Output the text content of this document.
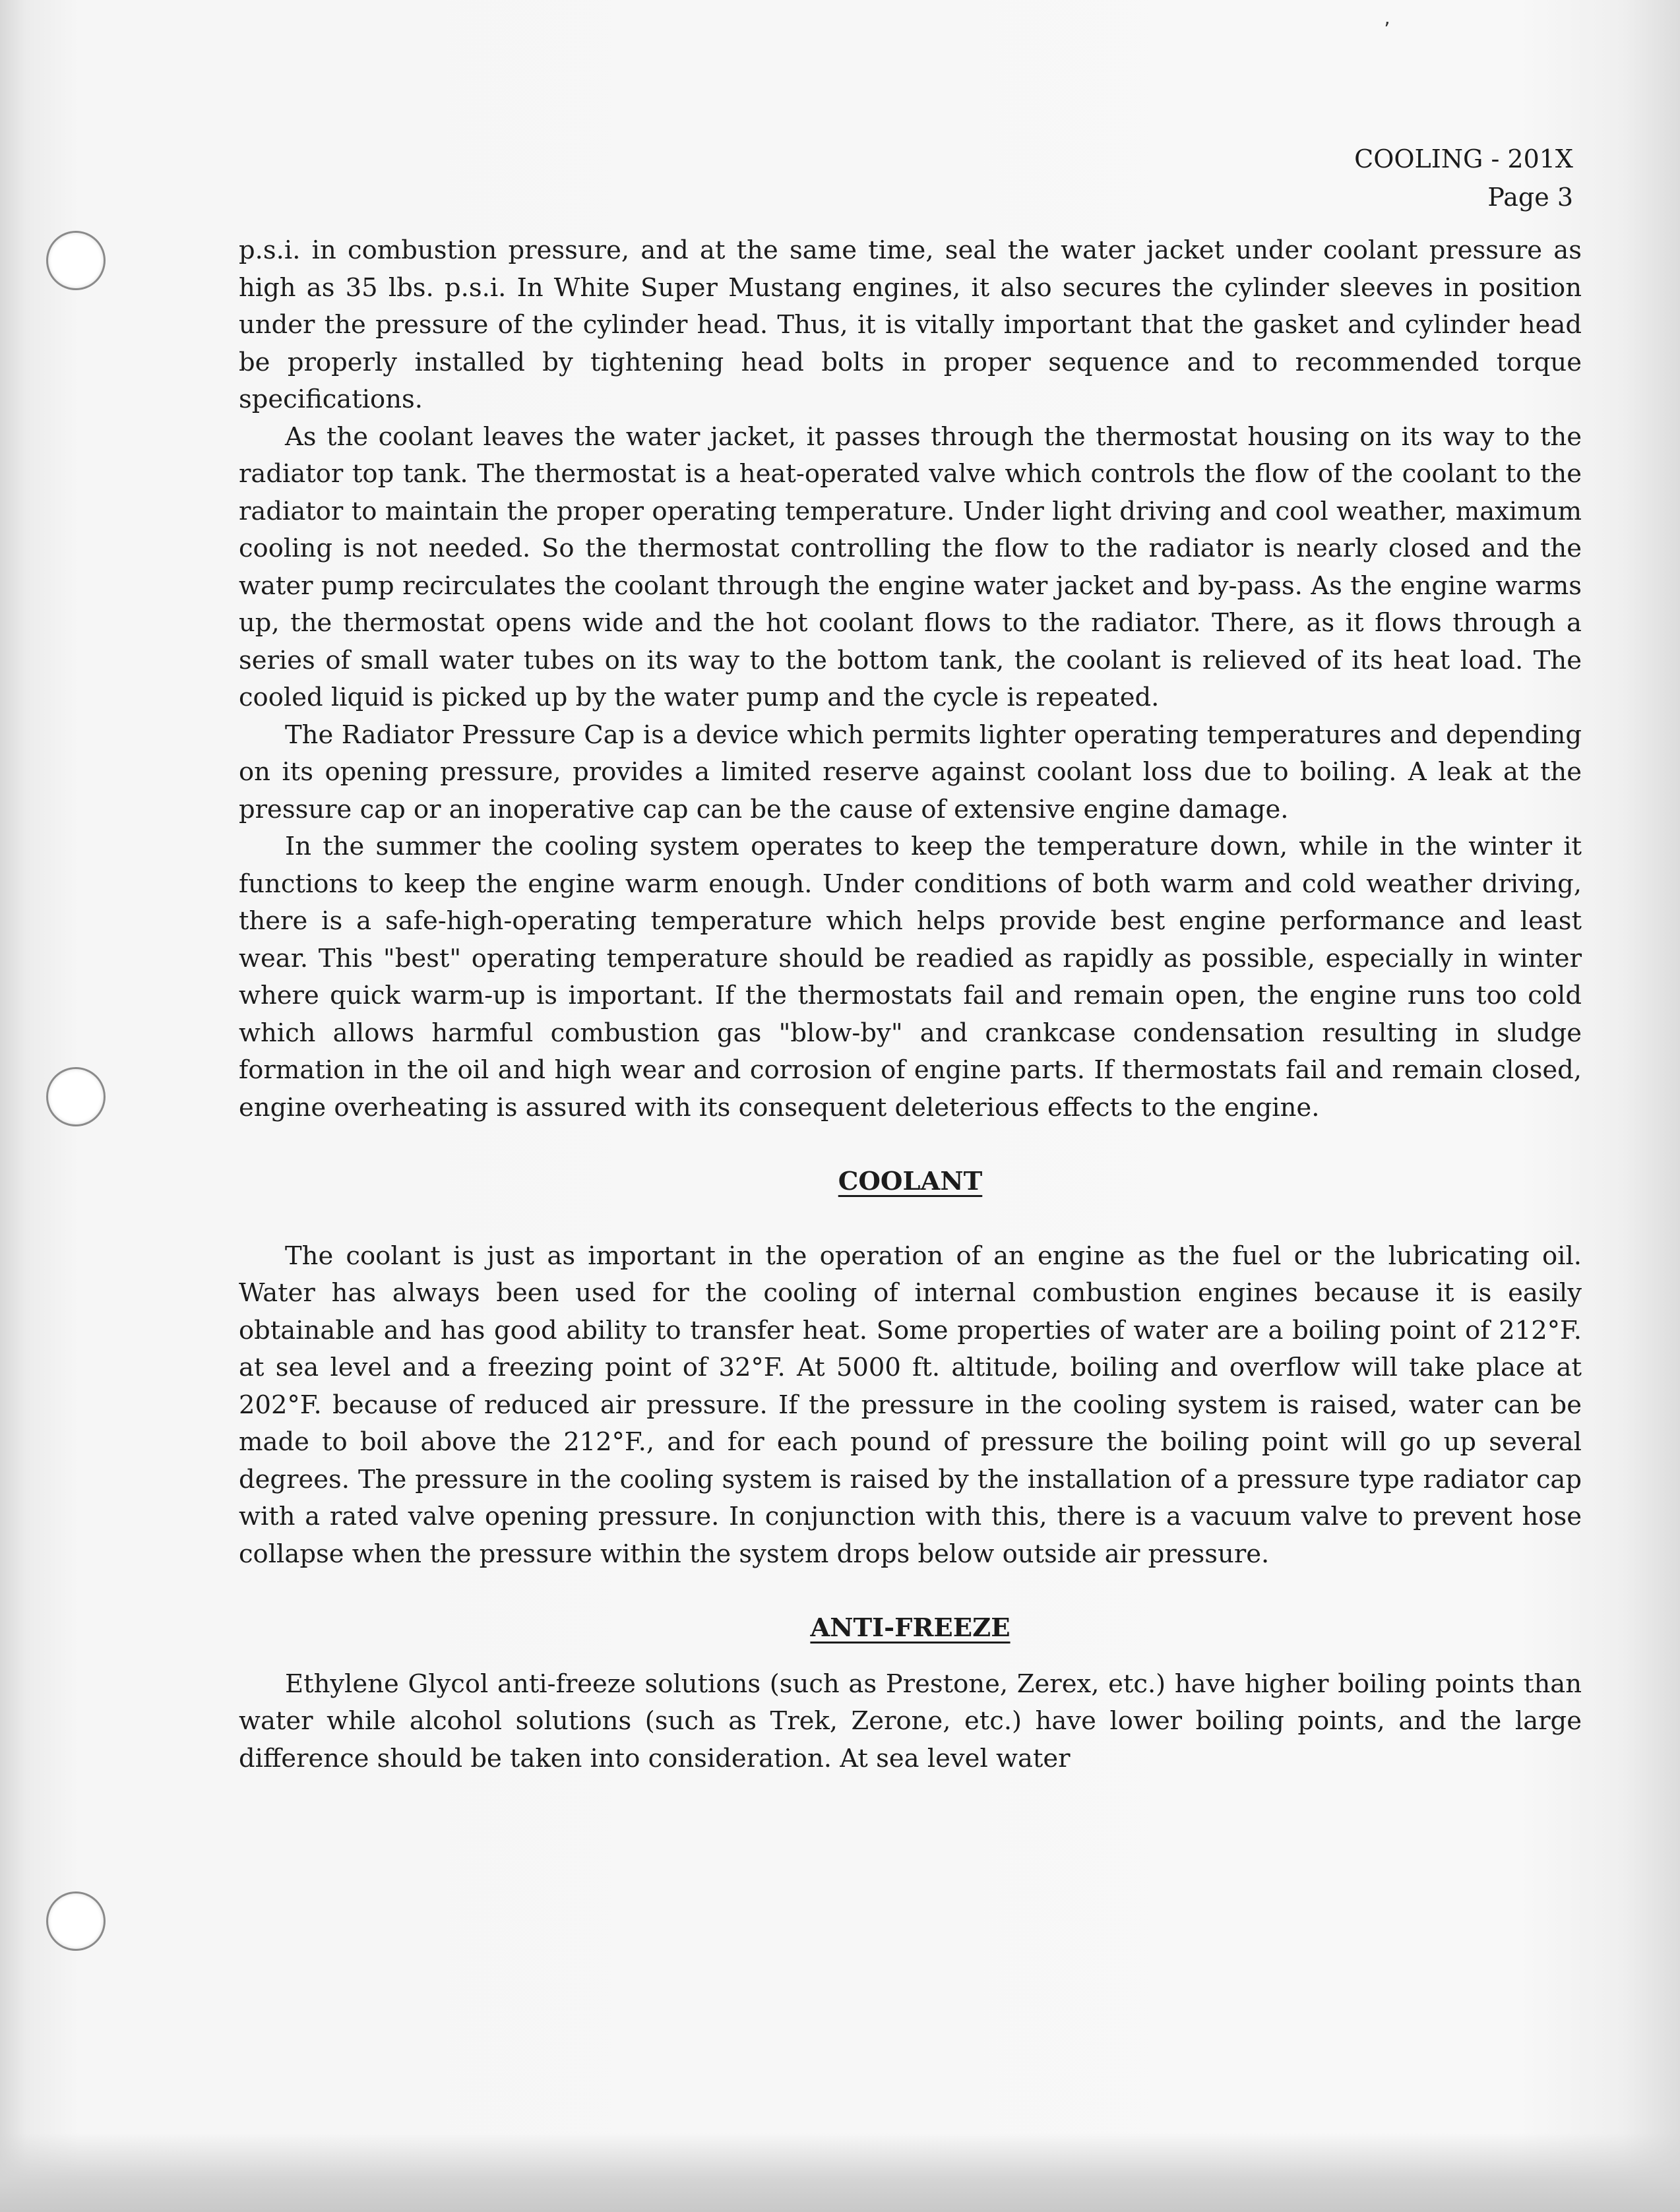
’
COOLING - 201X
Page 3

p.s.i. in combustion pressure, and at the same time, seal the water jacket under coolant pressure as high as 35 lbs. p.s.i. In White Super Mustang engines, it also secures the cylinder sleeves in position under the pressure of the cylinder head. Thus, it is vitally important that the gasket and cylinder head be properly installed by tightening head bolts in proper sequence and to recommended torque specifications.

As the coolant leaves the water jacket, it passes through the thermostat housing on its way to the radiator top tank. The thermostat is a heat-operated valve which controls the flow of the coolant to the radiator to maintain the proper operating temperature. Under light driving and cool weather, maximum cooling is not needed. So the thermostat controlling the flow to the radiator is nearly closed and the water pump recirculates the coolant through the engine water jacket and by-pass. As the engine warms up, the thermostat opens wide and the hot coolant flows to the radiator. There, as it flows through a series of small water tubes on its way to the bottom tank, the coolant is relieved of its heat load. The cooled liquid is picked up by the water pump and the cycle is repeated.

The Radiator Pressure Cap is a device which permits lighter operating temperatures and depending on its opening pressure, provides a limited reserve against coolant loss due to boiling. A leak at the pressure cap or an inoperative cap can be the cause of extensive engine damage.

In the summer the cooling system operates to keep the temperature down, while in the winter it functions to keep the engine warm enough. Under conditions of both warm and cold weather driving, there is a safe-high-operating temperature which helps provide best engine performance and least wear. This "best" operating temperature should be readied as rapidly as possible, especially in winter where quick warm-up is important. If the thermostats fail and remain open, the engine runs too cold which allows harmful combustion gas "blow-by" and crankcase condensation resulting in sludge formation in the oil and high wear and corrosion of engine parts. If thermostats fail and remain closed, engine overheating is assured with its consequent deleterious effects to the engine.

COOLANT

The coolant is just as important in the operation of an engine as the fuel or the lubricating oil. Water has always been used for the cooling of internal combustion engines because it is easily obtainable and has good ability to transfer heat. Some properties of water are a boiling point of 212°F. at sea level and a freezing point of 32°F. At 5000 ft. altitude, boiling and overflow will take place at 202°F. because of reduced air pressure. If the pressure in the cooling system is raised, water can be made to boil above the 212°F., and for each pound of pressure the boiling point will go up several degrees. The pressure in the cooling system is raised by the installation of a pressure type radiator cap with a rated valve opening pressure. In conjunction with this, there is a vacuum valve to prevent hose collapse when the pressure within the system drops below outside air pressure.

ANTI-FREEZE

Ethylene Glycol anti-freeze solutions (such as Prestone, Zerex, etc.) have higher boiling points than water while alcohol solutions (such as Trek, Zerone, etc.) have lower boiling points, and the large difference should be taken into consideration. At sea level water
